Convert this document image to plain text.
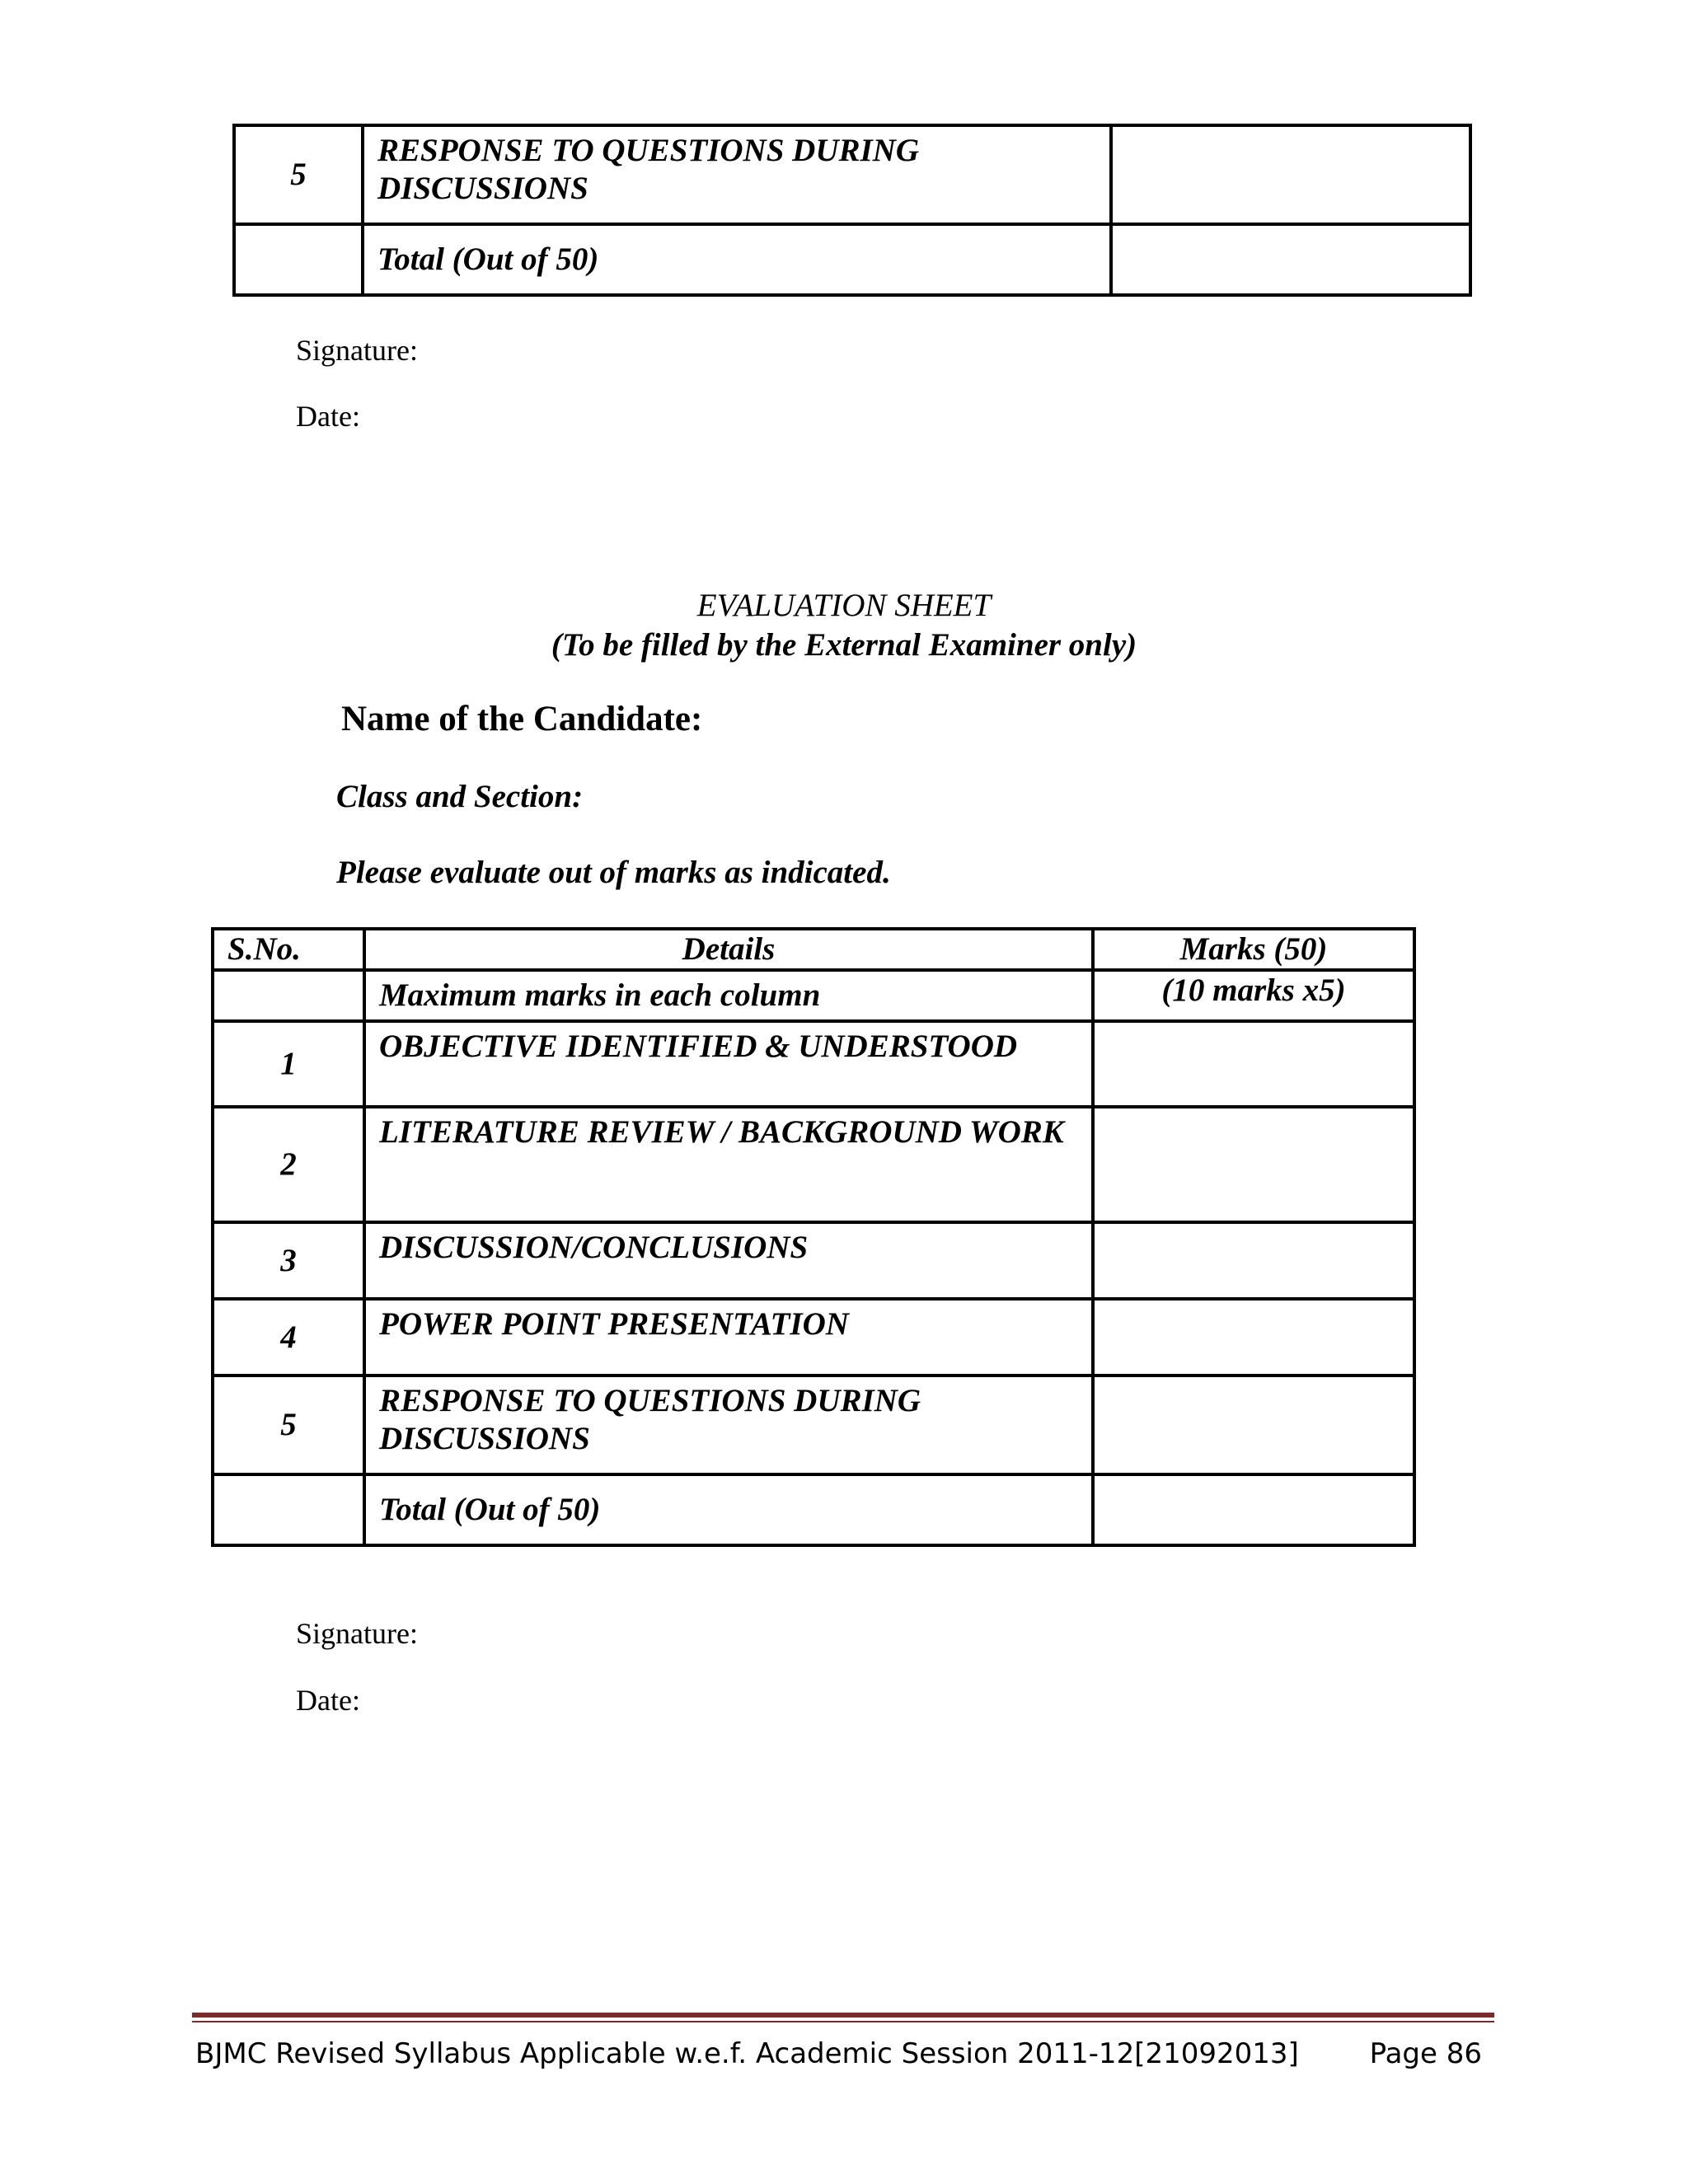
5	RESPONSE TO QUESTIONS DURING DISCUSSIONS	
	Total (Out of 50)	
Signature:
Date:
EVALUATION SHEET
(To be filled by the External Examiner only)
Name of the Candidate:
Class and Section:
Please evaluate out of marks as indicated.
S.No.	Details	Marks (50)
	Maximum marks in each column	(10 marks x5)
1	OBJECTIVE IDENTIFIED & UNDERSTOOD	
2	LITERATURE REVIEW / BACKGROUND WORK	
3	DISCUSSION/CONCLUSIONS	
4	POWER POINT PRESENTATION	
5	RESPONSE TO QUESTIONS DURING DISCUSSIONS	
	Total (Out of 50)	
Signature:
Date:
BJMC Revised Syllabus Applicable w.e.f. Academic Session 2011-12[21092013]	Page 86
